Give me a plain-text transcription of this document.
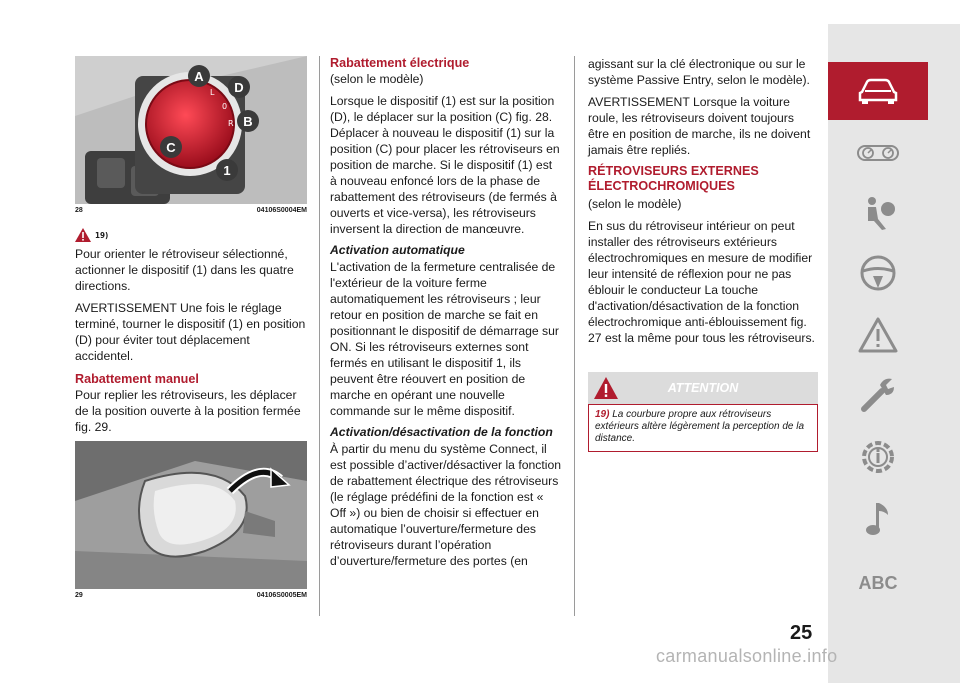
L
0
R
A
D
B
C
1
28	04106S0004EM
19)

Pour orienter le rétroviseur sélectionné, actionner le dispositif (1) dans les quatre directions.

AVERTISSEMENT Une fois le réglage terminé, tourner le dispositif (1) en position (D) pour éviter tout déplacement accidentel.

Rabattement manuel

Pour replier les rétroviseurs, les déplacer de la position ouverte à la position fermée fig. 29.

29	04106S0005EM
Rabattement électrique

(selon le modèle)

Lorsque le dispositif (1) est sur la position (D), le déplacer sur la position (C) fig. 28. Déplacer à nouveau le dispositif (1) sur la position (C) pour placer les rétroviseurs en position de marche. Si le dispositif (1) est à nouveau enfoncé lors de la phase de rabattement des rétroviseurs (de fermés à ouverts et vice-versa), les rétroviseurs inversent la direction de manœuvre.

Activation automatique

L'activation de la fermeture centralisée de l'extérieur de la voiture ferme automatiquement les rétroviseurs ; leur retour en position de marche se fait en positionnant le dispositif de démarrage sur ON. Si les rétroviseurs externes sont fermés en utilisant le dispositif 1, ils peuvent être réouvert en position de marche en opérant une nouvelle commande sur le même dispositif.

Activation/désactivation de la fonction

À partir du menu du système Connect, il est possible d’activer/désactiver la fonction de rabattement électrique des rétroviseurs (le réglage prédéfini de la fonction est « Off ») ou bien de choisir si effectuer en automatique l’ouverture/fermeture des rétroviseurs durant l’opération d’ouverture/fermeture des portes (en

agissant sur la clé électronique ou sur le système Passive Entry, selon le modèle).

AVERTISSEMENT Lorsque la voiture roule, les rétroviseurs doivent toujours être en position de marche, ils ne doivent jamais être repliés.

RÉTROVISEURS EXTERNES ÉLECTROCHROMIQUES

(selon le modèle)

En sus du rétroviseur intérieur on peut installer des rétroviseurs extérieurs électrochromiques en mesure de modifier leur intensité de réflexion pour ne pas éblouir le conducteur La touche d'activation/désactivation de la fonction électrochromique anti-éblouissement fig. 27 est la même pour tous les rétroviseurs.

ATTENTION
19) La courbure propre aux rétroviseurs extérieurs altère légèrement la perception de la distance.
ABC
25
carmanualsonline.info
